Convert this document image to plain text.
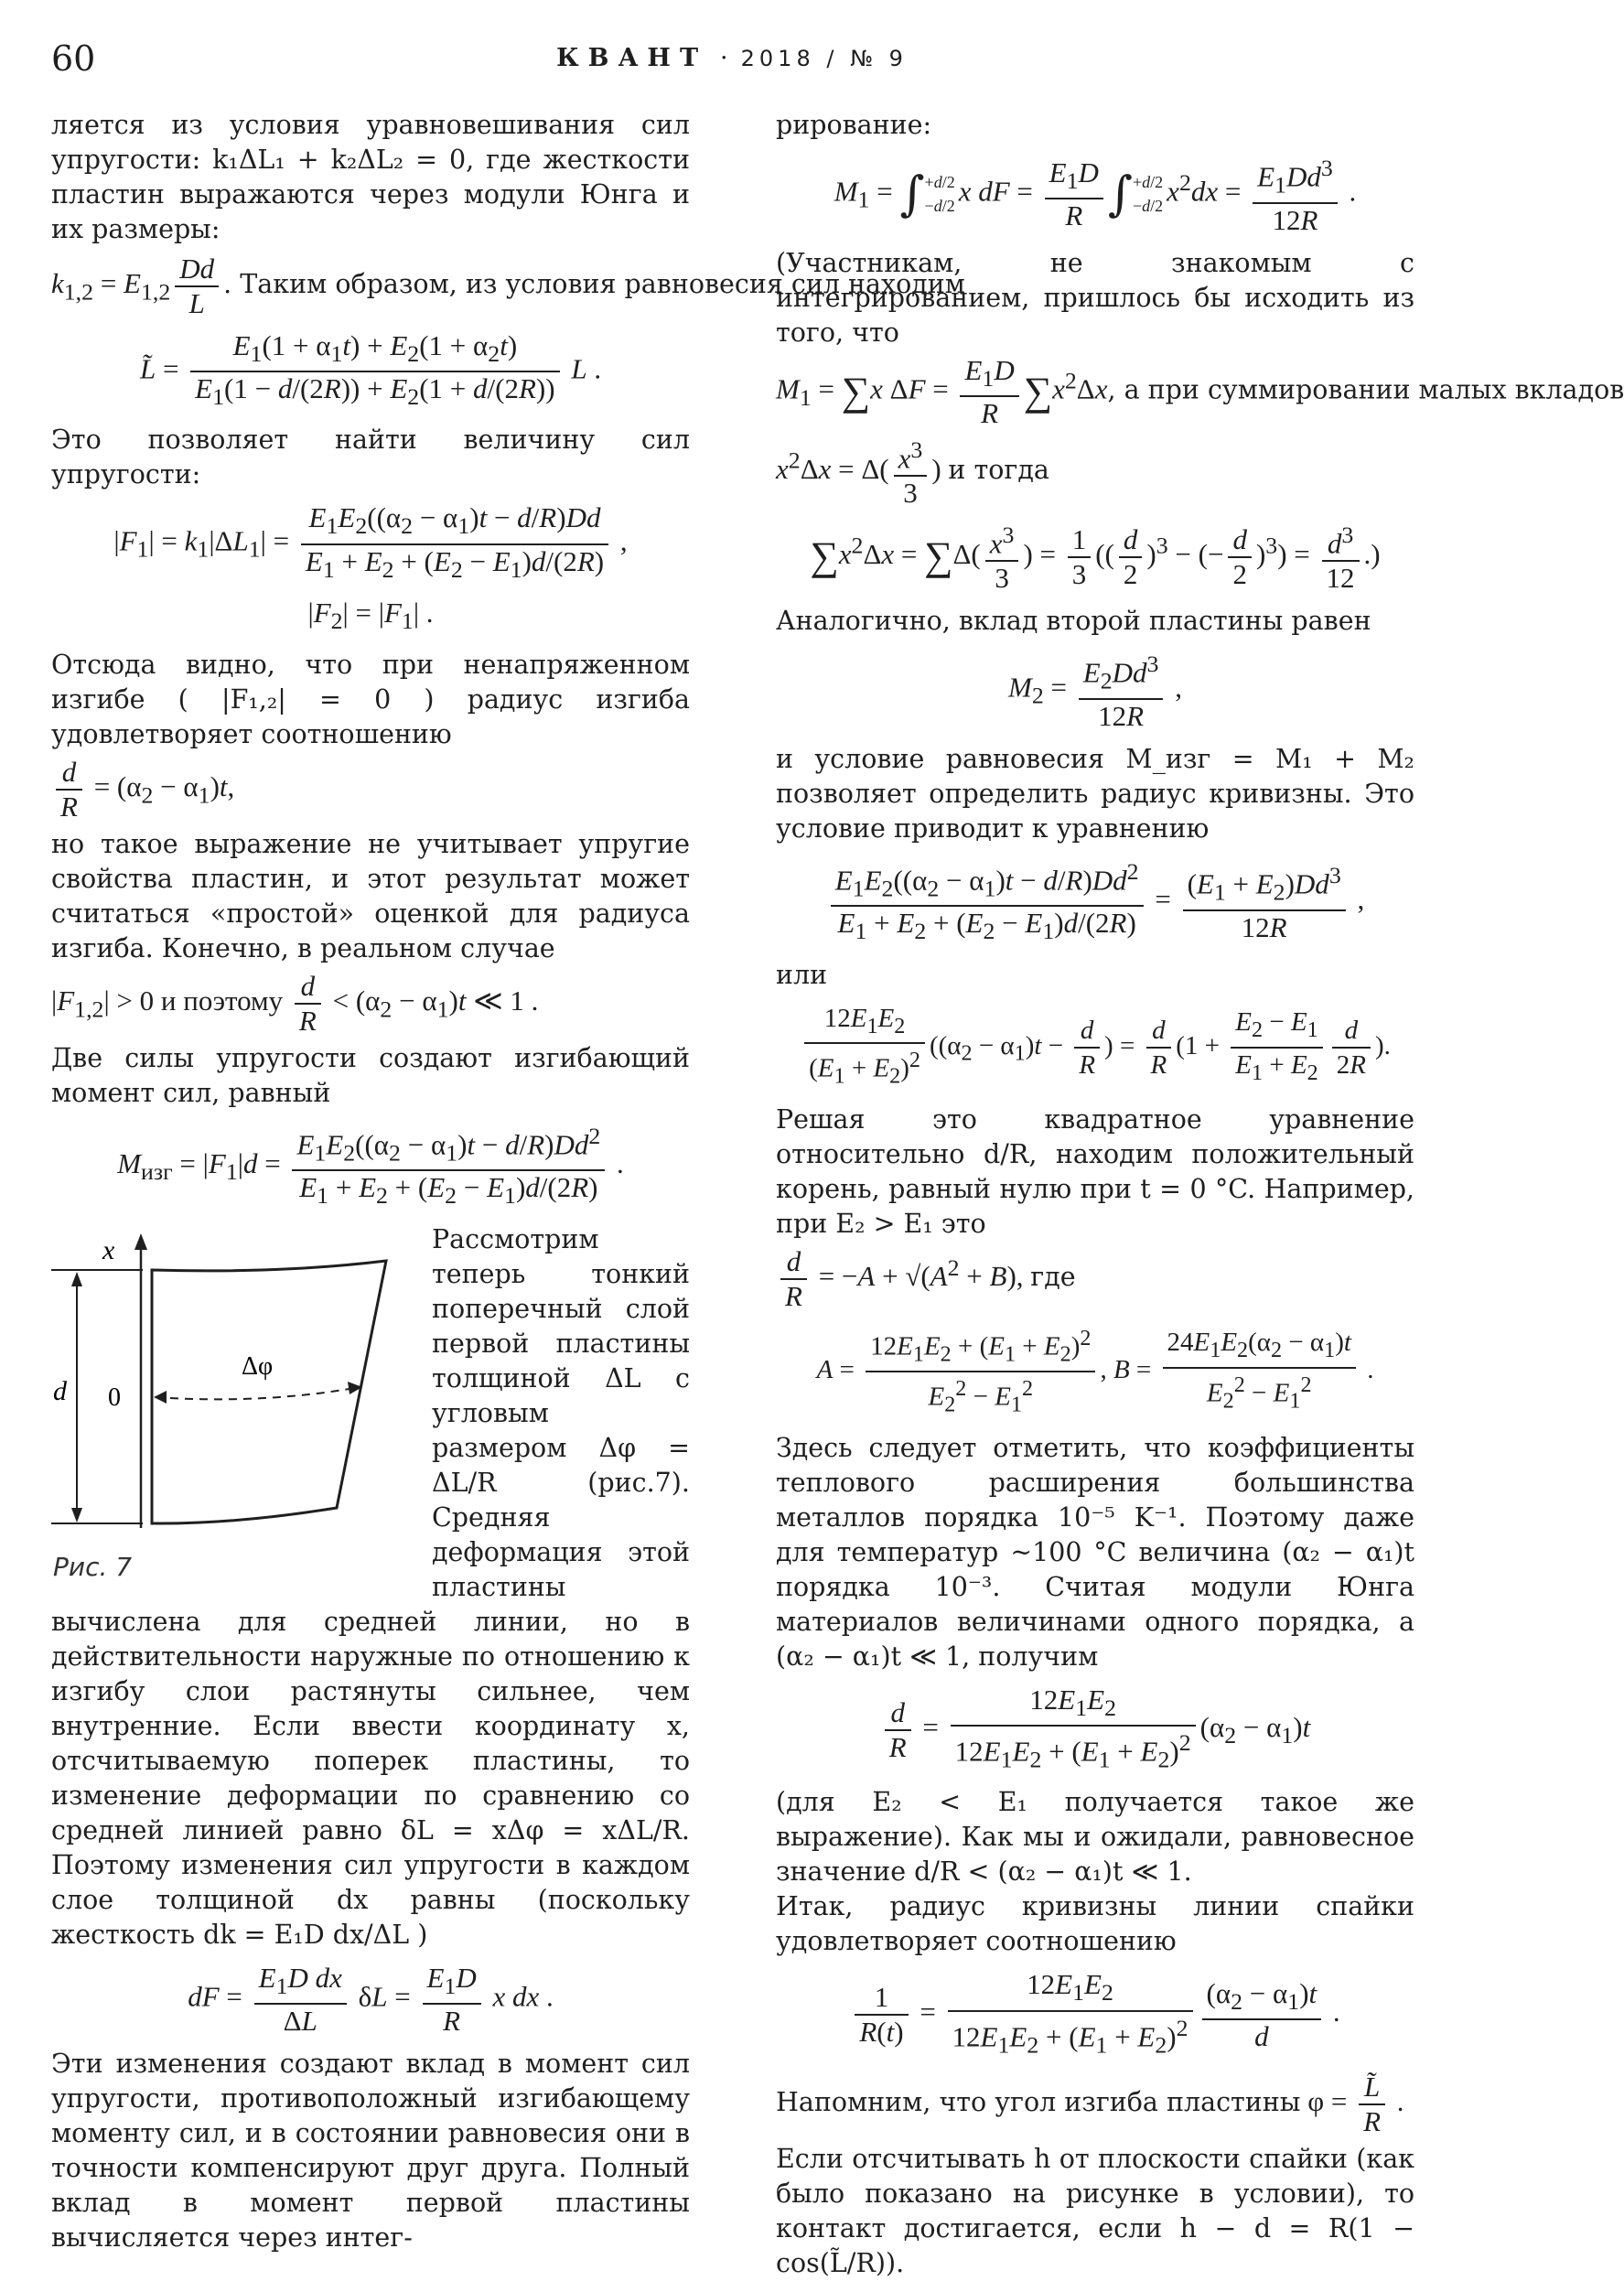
60	КВАНТ · 2018 / № 9

ляется из условия уравновешивания сил упругости: k₁ΔL₁ + k₂ΔL₂ = 0, где жесткости пластин выражаются через модули Юнга и их размеры:

$k_{1,2} = E_{1,2} \frac{Dd}{L}$ . Таким образом, из условия равновесия сил находим
L̃ = $\frac{E_1(1 + \alpha_1t) + E_2(1 + \alpha_2t)}{E_1(1 - d/(2R)) + E_2(1 + d/(2R))}$ L .

Это позволяет найти величину сил упругости:

$|F_1| = k_1|\Delta L_1| = \frac{E_1E_2((\alpha_2 - \alpha_1)t - d/R)Dd}{E_1 + E_2 + (E_2 - E_1)d/(2R)}$ ,
$|F_2| = |F_1|$ .

Отсюда видно, что при ненапряженном изгибе ( |F₁,₂| = 0 ) радиус изгиба удовлетворяет соотношению

$\frac{d}{R} = (\alpha_2 - \alpha_1)t$,

но такое выражение не учитывает упругие свойства пластин, и этот результат может считаться «простой» оценкой для радиуса изгиба. Конечно, в реальном случае

$|F_{1,2}| > 0$ и поэтому $\frac{d}{R} < (\alpha_2 - \alpha_1)t$ ≪ 1 .

Две силы упругости создают изгибающий момент сил, равный

$M_{изг} = |F_1|d = \frac{E_1E_2((\alpha_2 - \alpha_1)t - d/R)Dd^2}{E_1 + E_2 + (E_2 - E_1)d/(2R)}$ .
x
d 0
Δφ
Рис. 7

Рассмотрим теперь тонкий поперечный слой первой пластины толщиной ΔL с угловым размером Δφ = ΔL/R (рис.7). Средняя деформация этой пластины вычислена для средней линии, но в действительности наружные по отношению к изгибу слои растянуты сильнее, чем внутренние. Если ввести координату x, отсчитываемую поперек пластины, то изменение деформации по сравнению со средней линией равно δL = xΔφ = xΔL/R. Поэтому изменения сил упругости в каждом слое толщиной dx равны (поскольку жесткость dk = E₁D dx/ΔL )

dF = $\frac{E_1D dx}{\Delta L}$ $\delta L = \frac{E_1D}{R}$ x dx .

Эти изменения создают вклад в момент сил упругости, противоположный изгибающему моменту сил, и в состоянии равновесия они в точности компенсируют друг друга. Полный вклад в момент первой пластины вычисляется через интег-

рирование:

$M_1$ = ∫ +d/2
−d/2 x dF = $\frac{E_1D}{R}$ ∫ +d/2
−d/2 $x^2dx = \frac{E_1Dd^3}{12R}$ .

(Участникам, не знакомым с интегрированием, пришлось бы исходить из того, что

$M_1 = \sum x$ $\Delta F = \frac{E_1D}{R} \sum x^2\Delta x$, а при суммировании малых вкладов
$x^2\Delta x = \Delta( \frac{x^3}{3}$ ) и тогда
$\sum x^2\Delta x = \sum\Delta( \frac{x^3}{3}$ ) = $\frac{1}{3}$ (( $\frac{d}{2} )^3$ − (− $\frac{d}{2} )^3) = \frac{d^3}{12}$ .)

Аналогично, вклад второй пластины равен

$M_2 = \frac{E_2Dd^3}{12R}$ ,

и условие равновесия M_изг = M₁ + M₂ позволяет определить радиус кривизны. Это условие приводит к уравнению

$\frac{E_1E_2((\alpha_2 - \alpha_1)t - d/R)Dd^2}{E_1 + E_2 + (E_2 - E_1)d/(2R)} = \frac{(E_1 + E_2)Dd^3}{12R}$ ,

или

$\frac{12E_1E_2}{(E_1 + E_2)^2} ((\alpha_2 - \alpha_1)t - \frac{d}{R}$ ) = $\frac{d}{R} (1 + \frac{E_2 - E_1}{E_1 + E_2} \frac{d}{2R}$ ).

Решая это квадратное уравнение относительно d/R, находим положительный корень, равный нулю при t = 0 °C. Например, при E₂ > E₁ это

$\frac{d}{R} = -A + √(A^2 + B)$, где
$A = \frac{12E_1E_2 + (E_1 + E_2)^2}{E_2^2 - E_1^2}$ , $B = \frac{24E_1E_2(\alpha_2 - \alpha_1)t}{E_2^2 - E_1^2}$ .

Здесь следует отметить, что коэффициенты теплового расширения большинства металлов порядка 10⁻⁵ K⁻¹. Поэтому даже для температур ~100 °C величина (α₂ − α₁)t порядка 10⁻³. Считая модули Юнга материалов величинами одного порядка, а (α₂ − α₁)t ≪ 1, получим

$\frac{d}{R} = \frac{12E_1E_2}{12E_1E_2 + (E_1 + E_2)^2} (\alpha_2 - \alpha_1)t$

(для E₂ < E₁ получается такое же выражение). Как мы и ожидали, равновесное значение d/R < (α₂ − α₁)t ≪ 1.

Итак, радиус кривизны линии спайки удовлетворяет соотношению

$\frac{1}{R(t)} = \frac{12E_1E_2}{12E_1E_2 + (E_1 + E_2)^2} \frac{(\alpha_2 - \alpha_1)t}{d}$ .
Напомним, что угол изгиба пластины $\varphi = \frac{L̃}{R}$ .

Если отсчитывать h от плоскости спайки (как было показано на рисунке в условии), то контакт достигается, если h − d = R(1 − cos(L̃/R)).
